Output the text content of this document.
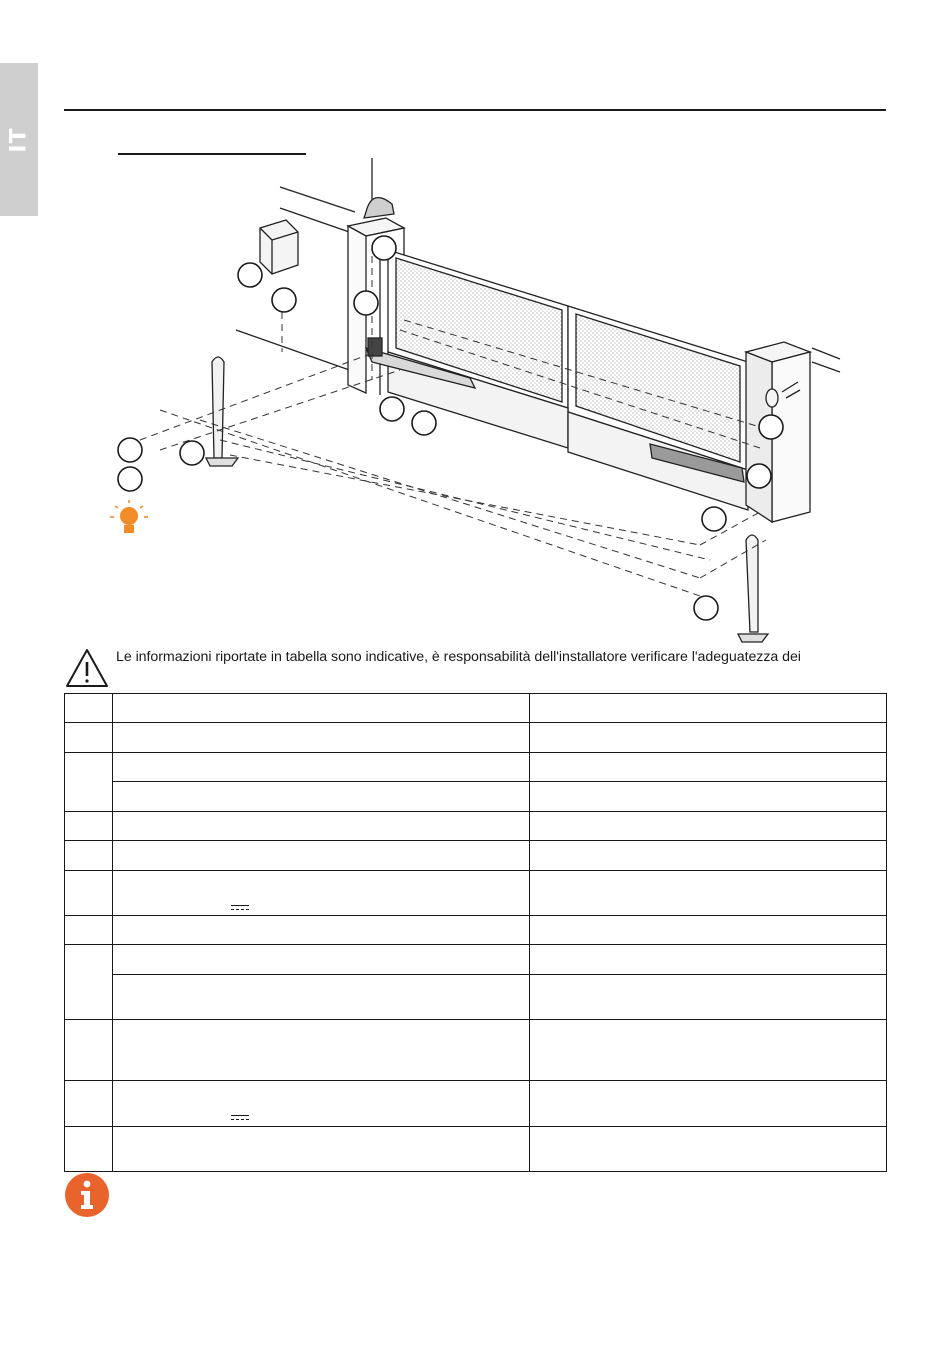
IT
Le informazioni riportate in tabella sono indicative, è responsabilità dell'installatore verificare l'adeguatezza dei
